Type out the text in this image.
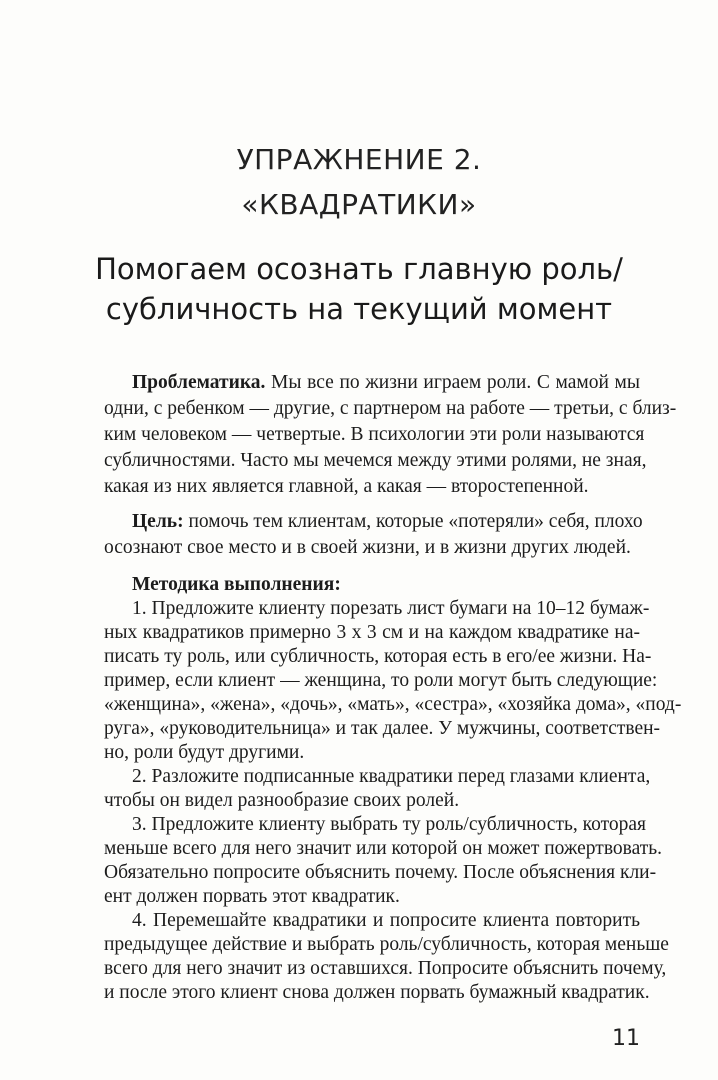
УПРАЖНЕНИЕ 2.
«КВАДРАТИКИ»
Помогаем осознать главную роль/
субличность на текущий момент
Проблематика. Мы все по жизни играем роли. С мамой мы
одни, с ребенком — другие, с партнером на работе — третьи, с близ-
ким человеком — четвертые. В психологии эти роли называются
субличностями. Часто мы мечемся между этими ролями, не зная,
какая из них является главной, а какая — второстепенной.
Цель: помочь тем клиентам, которые «потеряли» себя, плохо
осознают свое место и в своей жизни, и в жизни других людей.
Методика выполнения:
1. Предложите клиенту порезать лист бумаги на 10–12 бумаж-
ных квадратиков примерно 3 х 3 см и на каждом квадратике на-
писать ту роль, или субличность, которая есть в его/ее жизни. На-
пример, если клиент — женщина, то роли могут быть следующие:
«женщина», «жена», «дочь», «мать», «сестра», «хозяйка дома», «под-
руга», «руководительница» и так далее. У мужчины, соответствен-
но, роли будут другими.
2. Разложите подписанные квадратики перед глазами клиента,
чтобы он видел разнообразие своих ролей.
3. Предложите клиенту выбрать ту роль/субличность, которая
меньше всего для него значит или которой он может пожертвовать.
Обязательно попросите объяснить почему. После объяснения кли-
ент должен порвать этот квадратик.
4. Перемешайте квадратики и попросите клиента повторить
предыдущее действие и выбрать роль/субличность, которая меньше
всего для него значит из оставшихся. Попросите объяснить почему,
и после этого клиент снова должен порвать бумажный квадратик.
11
